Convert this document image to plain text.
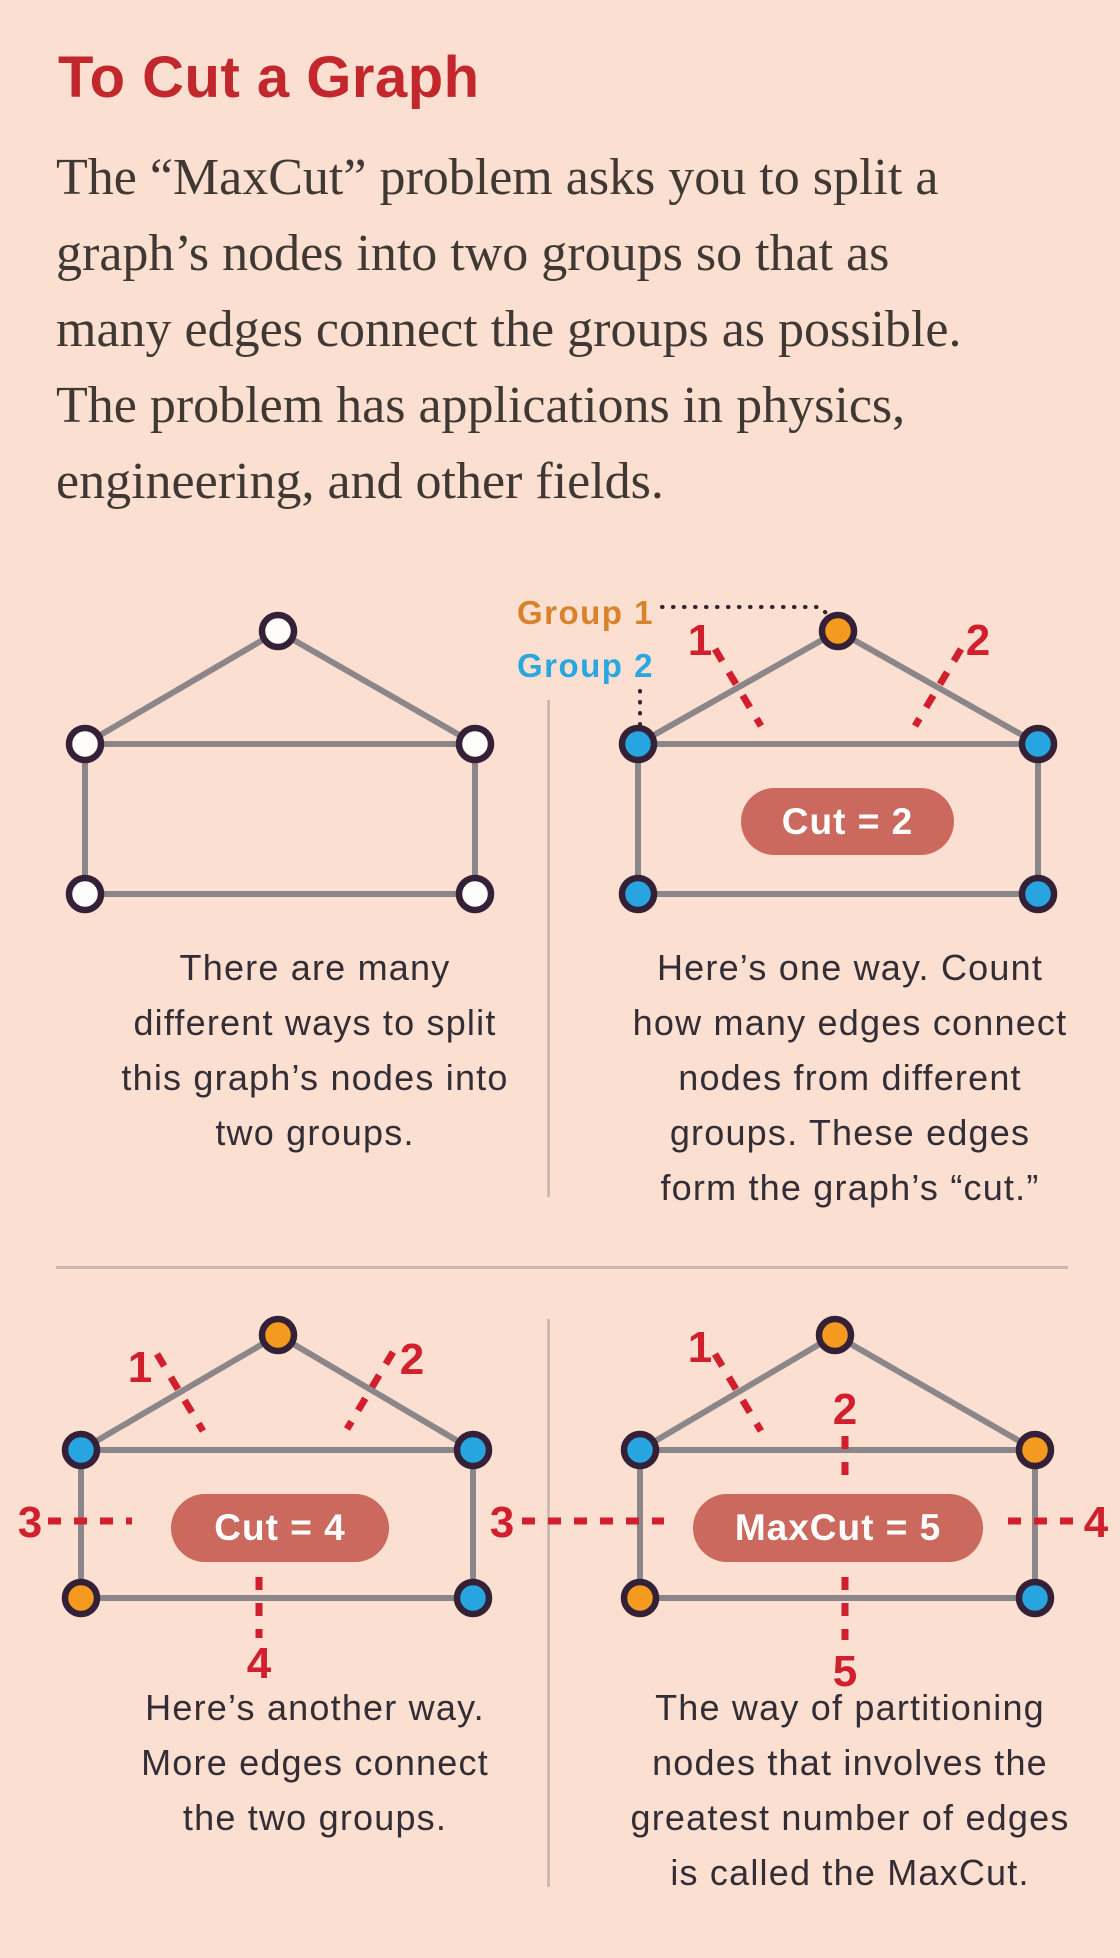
To Cut a Graph
The “MaxCut” problem asks you to split a
graph’s nodes into two groups so that as
many edges connect the groups as possible.
The problem has applications in physics,
engineering, and other fields.
Group 1
Group 2
1	2
Cut = 2
1	2
3
4
Cut = 4
1
2
3	4
5
MaxCut = 5
There are many
different ways to split
this graph’s nodes into
two groups.
Here’s one way. Count
how many edges connect
nodes from different
groups. These edges
form the graph’s “cut.”
Here’s another way.
More edges connect
the two groups.
The way of partitioning
nodes that involves the
greatest number of edges
is called the MaxCut.
